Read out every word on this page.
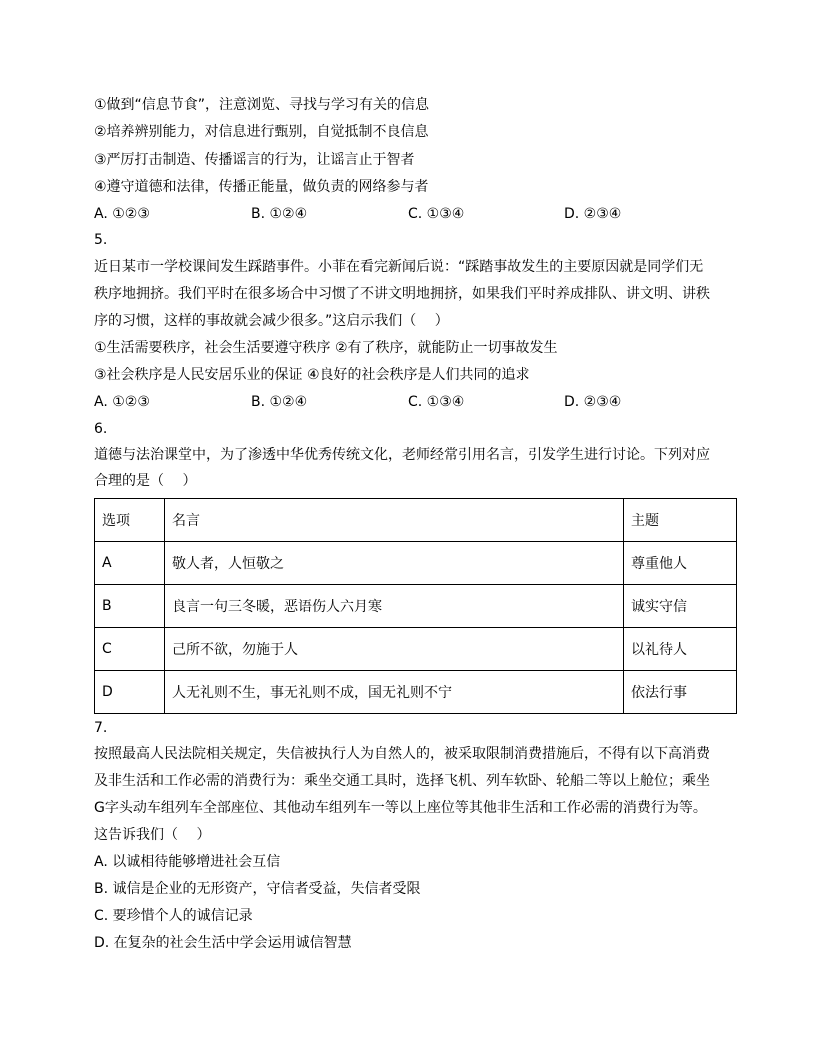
①做到“信息节食”，注意浏览、寻找与学习有关的信息
②培养辨别能力，对信息进行甄别，自觉抵制不良信息
③严厉打击制造、传播谣言的行为，让谣言止于智者
④遵守道德和法律，传播正能量，做负责的网络参与者
A. ①②③	B. ①②④	C. ①③④	D. ②③④
5.
近日某市一学校课间发生踩踏事件。小菲在看完新闻后说：“踩踏事故发生的主要原因就是同学们无
秩序地拥挤。我们平时在很多场合中习惯了不讲文明地拥挤，如果我们平时养成排队、讲文明、讲秩
序的习惯，这样的事故就会减少很多。”这启示我们（　 ）
①生活需要秩序，社会生活要遵守秩序 ②有了秩序，就能防止一切事故发生
③社会秩序是人民安居乐业的保证 ④良好的社会秩序是人们共同的追求
A. ①②③	B. ①②④	C. ①③④	D. ②③④
6.
道德与法治课堂中，为了渗透中华优秀传统文化，老师经常引用名言，引发学生进行讨论。下列对应
合理的是（　 ）
选项	名言	主题
A	敬人者，人恒敬之	尊重他人
B	良言一句三冬暖，恶语伤人六月寒	诚实守信
C	己所不欲，勿施于人	以礼待人
D	人无礼则不生，事无礼则不成，国无礼则不宁	依法行事
7.
按照最高人民法院相关规定，失信被执行人为自然人的，被采取限制消费措施后，不得有以下高消费
及非生活和工作必需的消费行为：乘坐交通工具时，选择飞机、列车软卧、轮船二等以上舱位；乘坐
G字头动车组列车全部座位、其他动车组列车一等以上座位等其他非生活和工作必需的消费行为等。
这告诉我们（　 ）
A. 以诚相待能够增进社会互信
B. 诚信是企业的无形资产，守信者受益，失信者受限
C. 要珍惜个人的诚信记录
D. 在复杂的社会生活中学会运用诚信智慧
